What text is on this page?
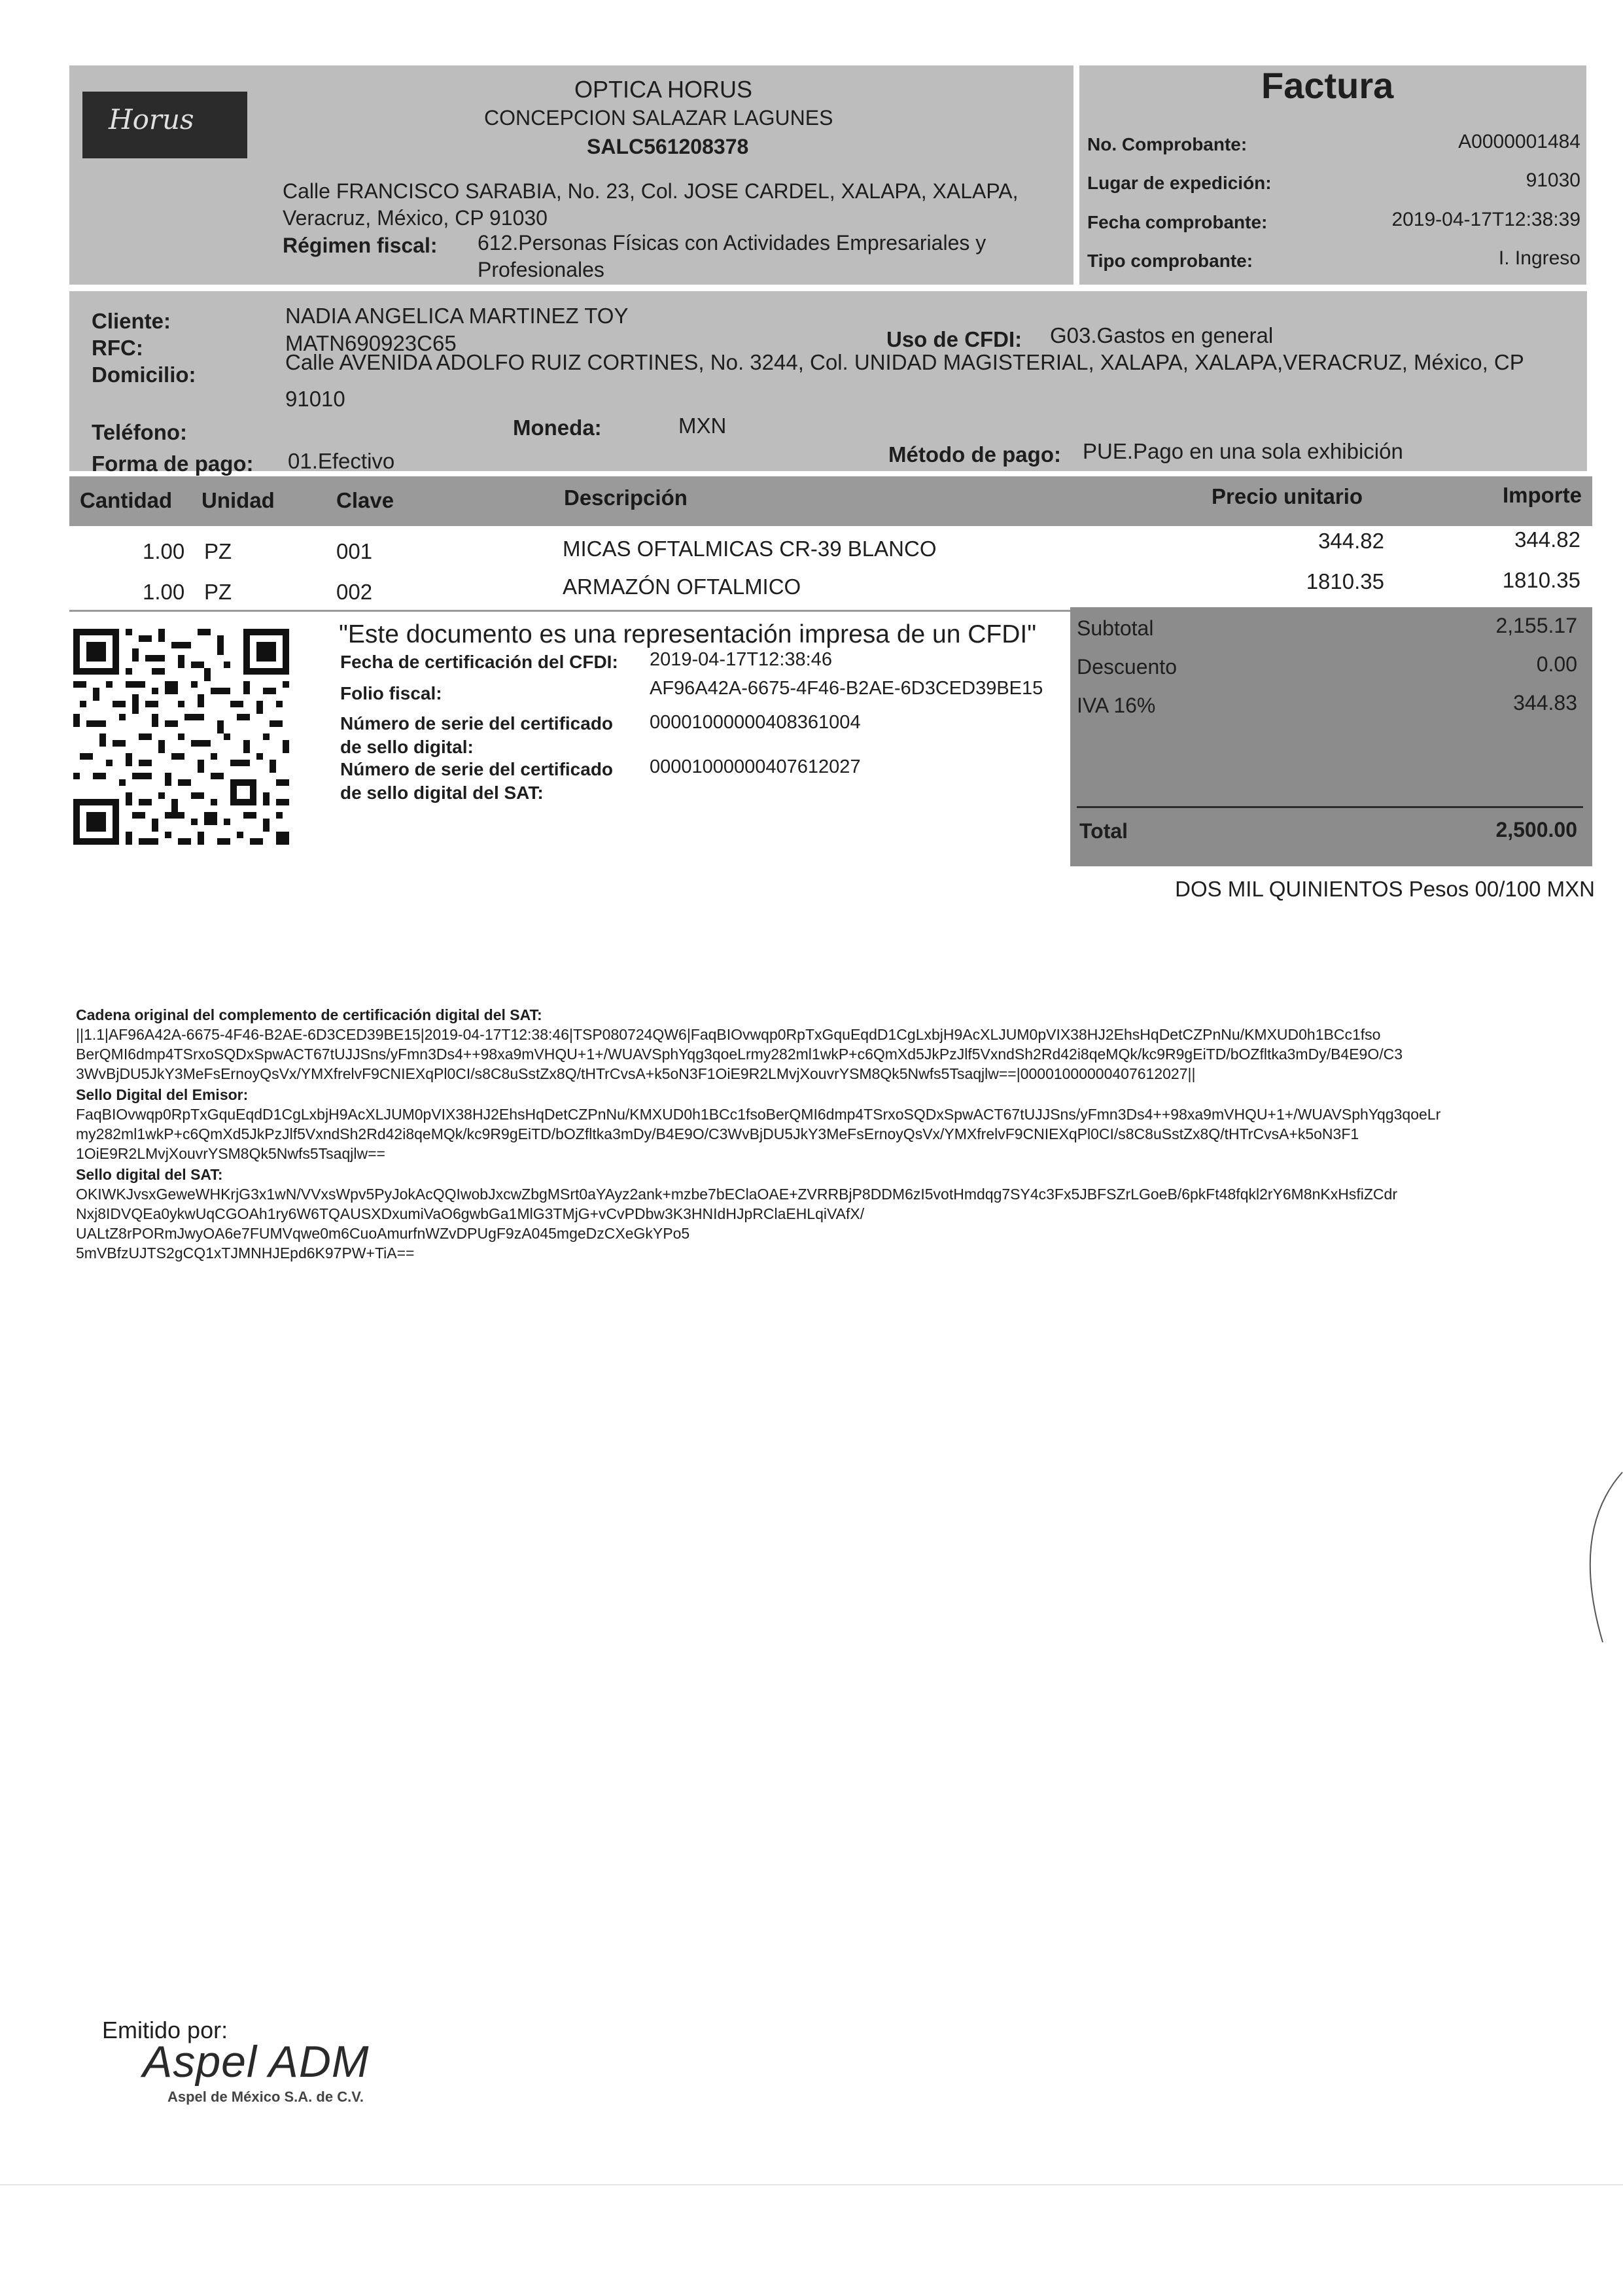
Horus
OPTICA HORUS
CONCEPCION SALAZAR LAGUNES
SALC561208378
Calle FRANCISCO SARABIA, No. 23, Col. JOSE CARDEL, XALAPA, XALAPA,
Veracruz, México, CP 91030
Régimen fiscal: 612.Personas Físicas con Actividades Empresariales y
Profesionales
Factura
No. Comprobante:	A0000001484
Lugar de expedición:	91030
Fecha comprobante:	2019-04-17T12:38:39
Tipo comprobante:	I. Ingreso
Cliente:	NADIA ANGELICA MARTINEZ TOY
RFC:	MATN690923C65	Uso de CFDI: G03.Gastos en general
Domicilio:
Calle AVENIDA ADOLFO RUIZ CORTINES, No. 3244, Col. UNIDAD MAGISTERIAL, XALAPA, XALAPA,VERACRUZ, México, CP
91010
Teléfono:	Moneda:	MXN
Forma de pago: 01.Efectivo	Método de pago: PUE.Pago en una sola exhibición
Cantidad Unidad	Clave	Descripción	Precio unitario	Importe
1.00 PZ	001	MICAS OFTALMICAS CR-39 BLANCO	344.82	344.82
1.00 PZ	002	ARMAZÓN OFTALMICO	1810.35	1810.35
"Este documento es una representación impresa de un CFDI"
Fecha de certificación del CFDI: 2019-04-17T12:38:46
Folio fiscal:	AF96A42A-6675-4F46-B2AE-6D3CED39BE15
Número de serie del certificado
de sello digital:
00001000000408361004
Número de serie del certificado
de sello digital del SAT:
00001000000407612027
Subtotal	2,155.17
Descuento	0.00
IVA 16%	344.83
Total	2,500.00
DOS MIL QUINIENTOS Pesos 00/100 MXN
Cadena original del complemento de certificación digital del SAT:
||1.1|AF96A42A-6675-4F46-B2AE-6D3CED39BE15|2019-04-17T12:38:46|TSP080724QW6|FaqBIOvwqp0RpTxGquEqdD1CgLxbjH9AcXLJUM0pVIX38HJ2EhsHqDetCZPnNu/KMXUD0h1BCc1fso
BerQMI6dmp4TSrxoSQDxSpwACT67tUJJSns/yFmn3Ds4++98xa9mVHQU+1+/WUAVSphYqg3qoeLrmy282ml1wkP+c6QmXd5JkPzJlf5VxndSh2Rd42i8qeMQk/kc9R9gEiTD/bOZfltka3mDy/B4E9O/C3
3WvBjDU5JkY3MeFsErnoyQsVx/YMXfrelvF9CNIEXqPl0CI/s8C8uSstZx8Q/tHTrCvsA+k5oN3F1OiE9R2LMvjXouvrYSM8Qk5Nwfs5Tsaqjlw==|00001000000407612027||
Sello Digital del Emisor:
FaqBIOvwqp0RpTxGquEqdD1CgLxbjH9AcXLJUM0pVIX38HJ2EhsHqDetCZPnNu/KMXUD0h1BCc1fsoBerQMI6dmp4TSrxoSQDxSpwACT67tUJJSns/yFmn3Ds4++98xa9mVHQU+1+/WUAVSphYqg3qoeLr
my282ml1wkP+c6QmXd5JkPzJlf5VxndSh2Rd42i8qeMQk/kc9R9gEiTD/bOZfltka3mDy/B4E9O/C3WvBjDU5JkY3MeFsErnoyQsVx/YMXfrelvF9CNIEXqPl0CI/s8C8uSstZx8Q/tHTrCvsA+k5oN3F1
1OiE9R2LMvjXouvrYSM8Qk5Nwfs5Tsaqjlw==
Sello digital del SAT:
OKIWKJvsxGeweWHKrjG3x1wN/VVxsWpv5PyJokAcQQIwobJxcwZbgMSrt0aYAyz2ank+mzbe7bEClaOAE+ZVRRBjP8DDM6zI5votHmdqg7SY4c3Fx5JBFSZrLGoeB/6pkFt48fqkl2rY6M8nKxHsfiZCdr
Nxj8IDVQEa0ykwUqCGOAh1ry6W6TQAUSXDxumiVaO6gwbGa1MlG3TMjG+vCvPDbw3K3HNIdHJpRClaEHLqiVAfX/
UALtZ8rPORmJwyOA6e7FUMVqwe0m6CuoAmurfnWZvDPUgF9zA045mgeDzCXeGkYPo5
5mVBfzUJTS2gCQ1xTJMNHJEpd6K97PW+TiA==
Emitido por:
Aspel ADM
Aspel de México S.A. de C.V.
